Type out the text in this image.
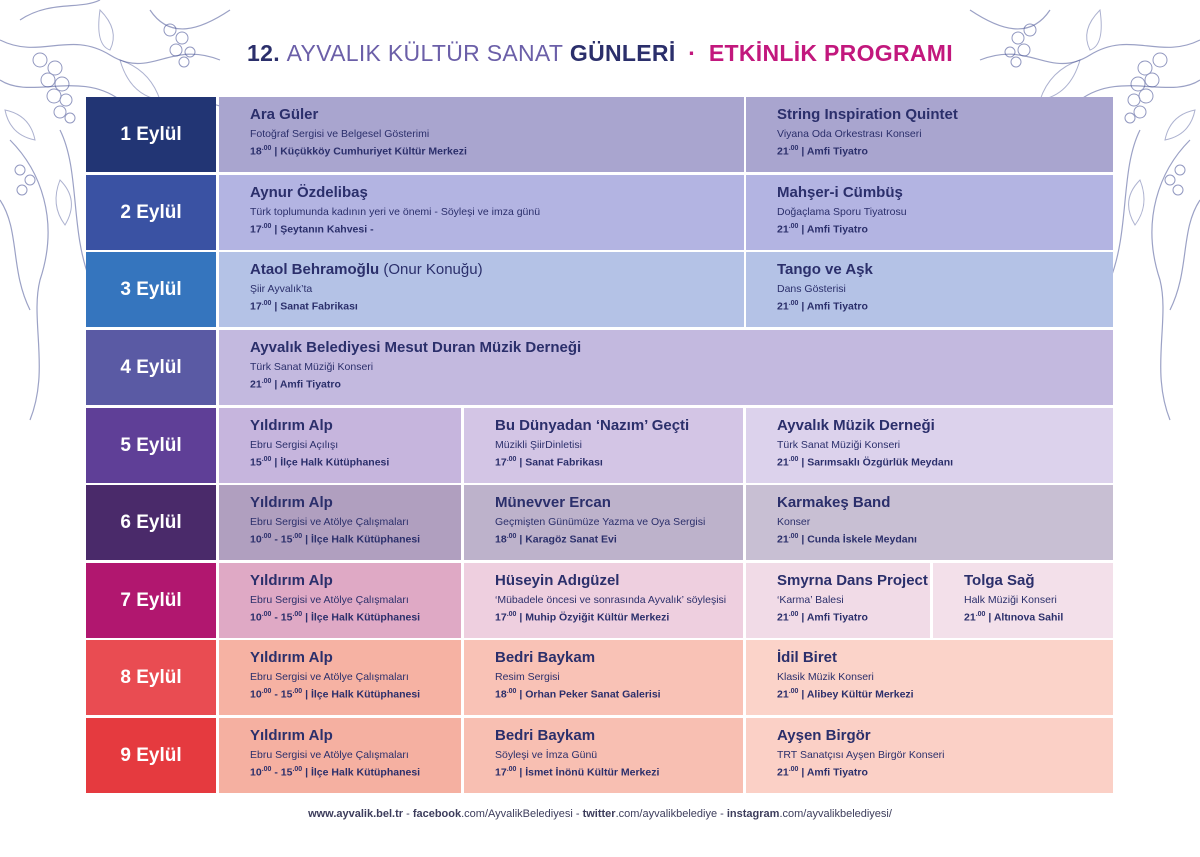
12. AYVALIK KÜLTÜR SANAT GÜNLERİ · ETKİNLİK PROGRAMI
1 Eylül
Ara Güler
Fotoğraf Sergisi ve Belgesel Gösterimi
$18^{.00}$ | Küçükköy Cumhuriyet Kültür Merkezi
String Inspiration Quintet
Viyana Oda Orkestrası Konseri
$21^{.00}$ | Amfi Tiyatro
2 Eylül
Aynur Özdelibaş
Türk toplumunda kadının yeri ve önemi - Söyleşi ve imza günü
$17^{.00}$ | Şeytanın Kahvesi -
Mahşer-i Cümbüş
Doğaçlama Sporu Tiyatrosu
$21^{.00}$ | Amfi Tiyatro
3 Eylül
Ataol Behramoğlu (Onur Konuğu)
Şiir Ayvalık’ta
$17^{.00}$ | Sanat Fabrikası
Tango ve Aşk
Dans Gösterisi
$21^{.00}$ | Amfi Tiyatro
4 Eylül
Ayvalık Belediyesi Mesut Duran Müzik Derneği
Türk Sanat Müziği Konseri
$21^{.00}$ | Amfi Tiyatro
5 Eylül
Yıldırım Alp
Ebru Sergisi Açılışı
$15^{.00}$ | İlçe Halk Kütüphanesi
Bu Dünyadan ‘Nazım’ Geçti
Müzikli ŞiirDinletisi
$17^{.00}$ | Sanat Fabrikası
Ayvalık Müzik Derneği
Türk Sanat Müziği Konseri
$21^{.00}$ | Sarımsaklı Özgürlük Meydanı
6 Eylül
Yıldırım Alp
Ebru Sergisi ve Atölye Çalışmaları
$10^{.00} - 15^{.00}$ | İlçe Halk Kütüphanesi
Münevver Ercan
Geçmişten Günümüze Yazma ve Oya Sergisi
$18^{.00}$ | Karagöz Sanat Evi
Karmakeş Band
Konser
$21^{.00}$ | Cunda İskele Meydanı
7 Eylül
Yıldırım Alp
Ebru Sergisi ve Atölye Çalışmaları
$10^{.00} - 15^{.00}$ | İlçe Halk Kütüphanesi
Hüseyin Adıgüzel
‘Mübadele öncesi ve sonrasında Ayvalık’ söyleşisi
$17^{.00}$ | Muhip Özyiğit Kültür Merkezi
Smyrna Dans Project
‘Karma’ Balesi
$21^{.00}$ | Amfi Tiyatro
Tolga Sağ
Halk Müziği Konseri
$21^{.00}$ | Altınova Sahil
8 Eylül
Yıldırım Alp
Ebru Sergisi ve Atölye Çalışmaları
$10^{.00} - 15^{.00}$ | İlçe Halk Kütüphanesi
Bedri Baykam
Resim Sergisi
$18^{.00}$ | Orhan Peker Sanat Galerisi
İdil Biret
Klasik Müzik Konseri
$21^{.00}$ | Alibey Kültür Merkezi
9 Eylül
Yıldırım Alp
Ebru Sergisi ve Atölye Çalışmaları
$10^{.00} - 15^{.00}$ | İlçe Halk Kütüphanesi
Bedri Baykam
Söyleşi ve İmza Günü
$17^{.00}$ | İsmet İnönü Kültür Merkezi
Ayşen Birgör
TRT Sanatçısı Ayşen Birgör Konseri
$21^{.00}$ | Amfi Tiyatro
www.ayvalik.bel.tr - facebook.com/AyvalikBelediyesi - twitter.com/ayvalikbelediye - instagram.com/ayvalikbelediyesi/
